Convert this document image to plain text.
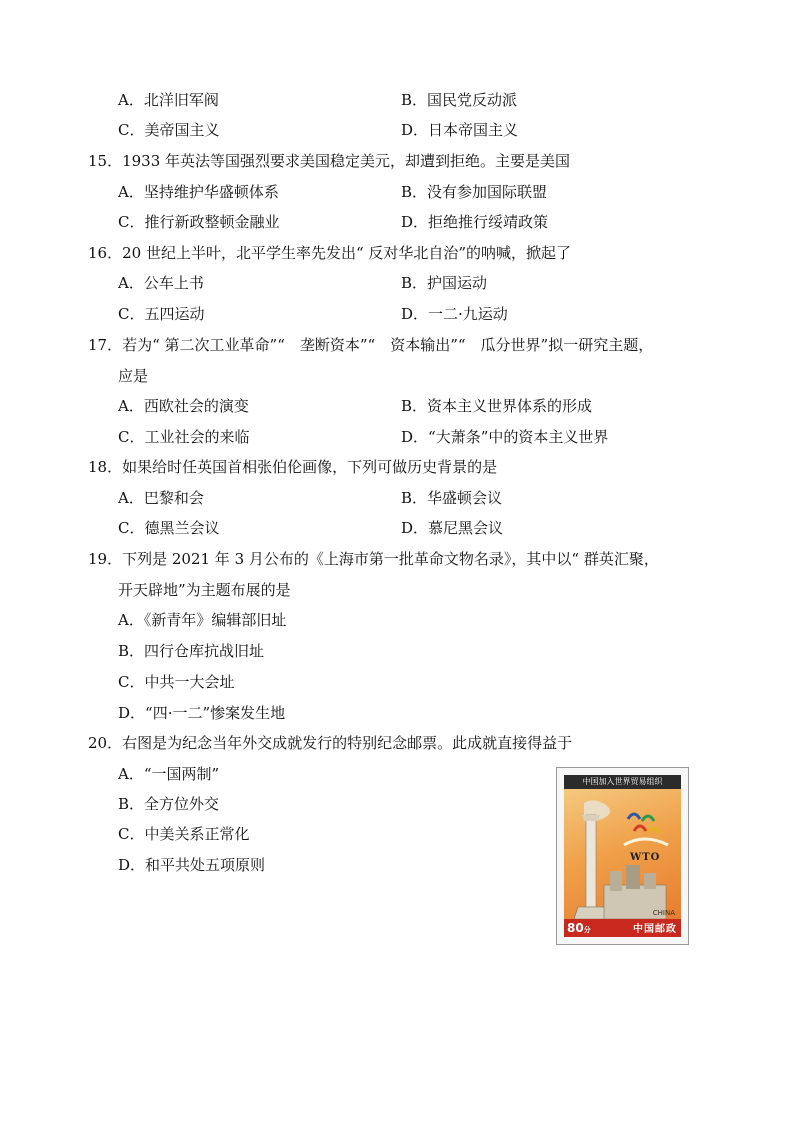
A．北洋旧军阀	B．国民党反动派
C．美帝国主义	D．日本帝国主义
15．1933 年英法等国强烈要求美国稳定美元，却遭到拒绝。主要是美国
A．坚持维护华盛顿体系	B．没有参加国际联盟
C．推行新政整顿金融业	D．拒绝推行绥靖政策
16．20 世纪上半叶，北平学生率先发出“ 反对华北自治”的呐喊，掀起了
A．公车上书	B．护国运动
C．五四运动	D．一二·九运动
17．若为“ 第二次工业革命”“　垄断资本”“　资本输出”“　瓜分世界”拟一研究主题，
应是
A．西欧社会的演变	B．资本主义世界体系的形成
C．工业社会的来临	D．“大萧条”中的资本主义世界
18．如果给时任英国首相张伯伦画像，下列可做历史背景的是
A．巴黎和会	B．华盛顿会议
C．德黑兰会议	D．慕尼黑会议
19．下列是 2021 年 3 月公布的《上海市第一批革命文物名录》，其中以“ 群英汇聚，
开天辟地”为主题布展的是
A．《新青年》编辑部旧址
B．四行仓库抗战旧址
C．中共一大会址
D．“四·一二”惨案发生地
20．右图是为纪念当年外交成就发行的特别纪念邮票。此成就直接得益于
A．“一国两制”
B．全方位外交
C．中美关系正常化
D．和平共处五项原则
中国加入世界贸易组织
WTO
CHINA
80分	中国邮政
